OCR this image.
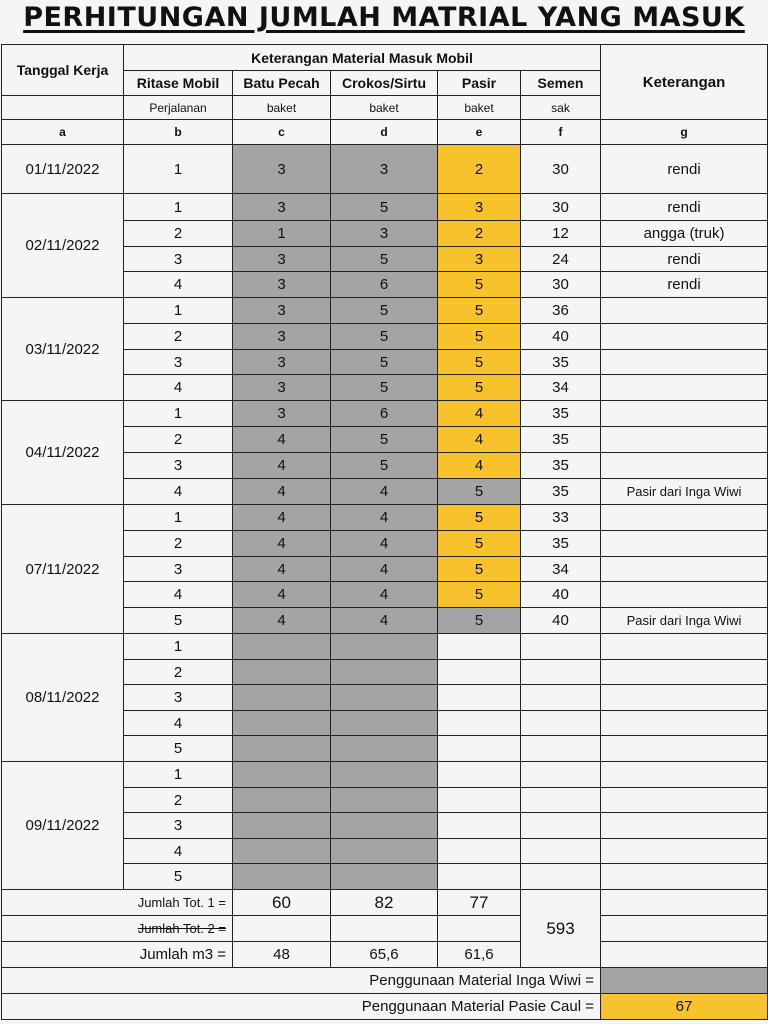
PERHITUNGAN JUMLAH MATRIAL YANG MASUK
Tanggal Kerja	Keterangan Material Masuk Mobil					Keterangan
	Ritase Mobil	Batu Pecah	Crokos/Sirtu	Pasir	Semen	
	Perjalanan	baket	baket	baket	sak	
a	b	c	d	e	f	g
01/11/2022	1	3	3	2	30	rendi
02/11/2022	1	3	5	3	30	rendi
	2	1	3	2	12	angga (truk)
	3	3	5	3	24	rendi
	4	3	6	5	30	rendi
03/11/2022	1	3	5	5	36	
	2	3	5	5	40	
	3	3	5	5	35	
	4	3	5	5	34	
04/11/2022	1	3	6	4	35	
	2	4	5	4	35	
	3	4	5	4	35	
	4	4	4	5	35	Pasir dari Inga Wiwi
07/11/2022	1	4	4	5	33	
	2	4	4	5	35	
	3	4	4	5	34	
	4	4	4	5	40	
	5	4	4	5	40	Pasir dari Inga Wiwi
08/11/2022	1					
	2					
	3					
	4					
	5					
09/11/2022	1					
	2					
	3					
	4					
	5					
Jumlah Tot. 1 =		60	82	77	593	
Jumlah Tot. 2 =						
Jumlah m3 =		48	65,6	61,6		
Penggunaan Material Inga Wiwi =						
Penggunaan Material Pasie Caul =						67
